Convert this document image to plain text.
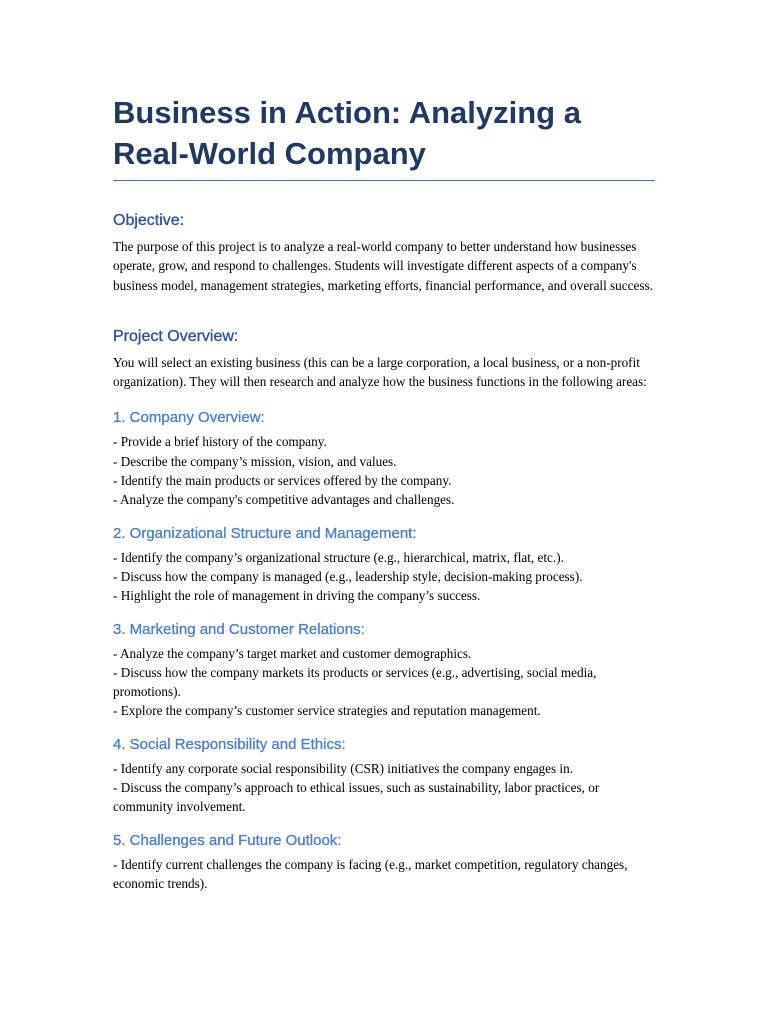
Business in Action: Analyzing a Real-World Company
Objective:

The purpose of this project is to analyze a real-world company to better understand how businesses operate, grow, and respond to challenges. Students will investigate different aspects of a company's business model, management strategies, marketing efforts, financial performance, and overall success.

Project Overview:

You will select an existing business (this can be a large corporation, a local business, or a non-profit organization). They will then research and analyze how the business functions in the following areas:

1. Company Overview:
- Provide a brief history of the company.
- Describe the company’s mission, vision, and values.
- Identify the main products or services offered by the company.
- Analyze the company's competitive advantages and challenges.
2. Organizational Structure and Management:
- Identify the company’s organizational structure (e.g., hierarchical, matrix, flat, etc.).
- Discuss how the company is managed (e.g., leadership style, decision-making process).
- Highlight the role of management in driving the company’s success.
3. Marketing and Customer Relations:
- Analyze the company’s target market and customer demographics.
- Discuss how the company markets its products or services (e.g., advertising, social media, promotions).
- Explore the company’s customer service strategies and reputation management.
4. Social Responsibility and Ethics:
- Identify any corporate social responsibility (CSR) initiatives the company engages in.
- Discuss the company’s approach to ethical issues, such as sustainability, labor practices, or community involvement.
5. Challenges and Future Outlook:
- Identify current challenges the company is facing (e.g., market competition, regulatory changes, economic trends).
